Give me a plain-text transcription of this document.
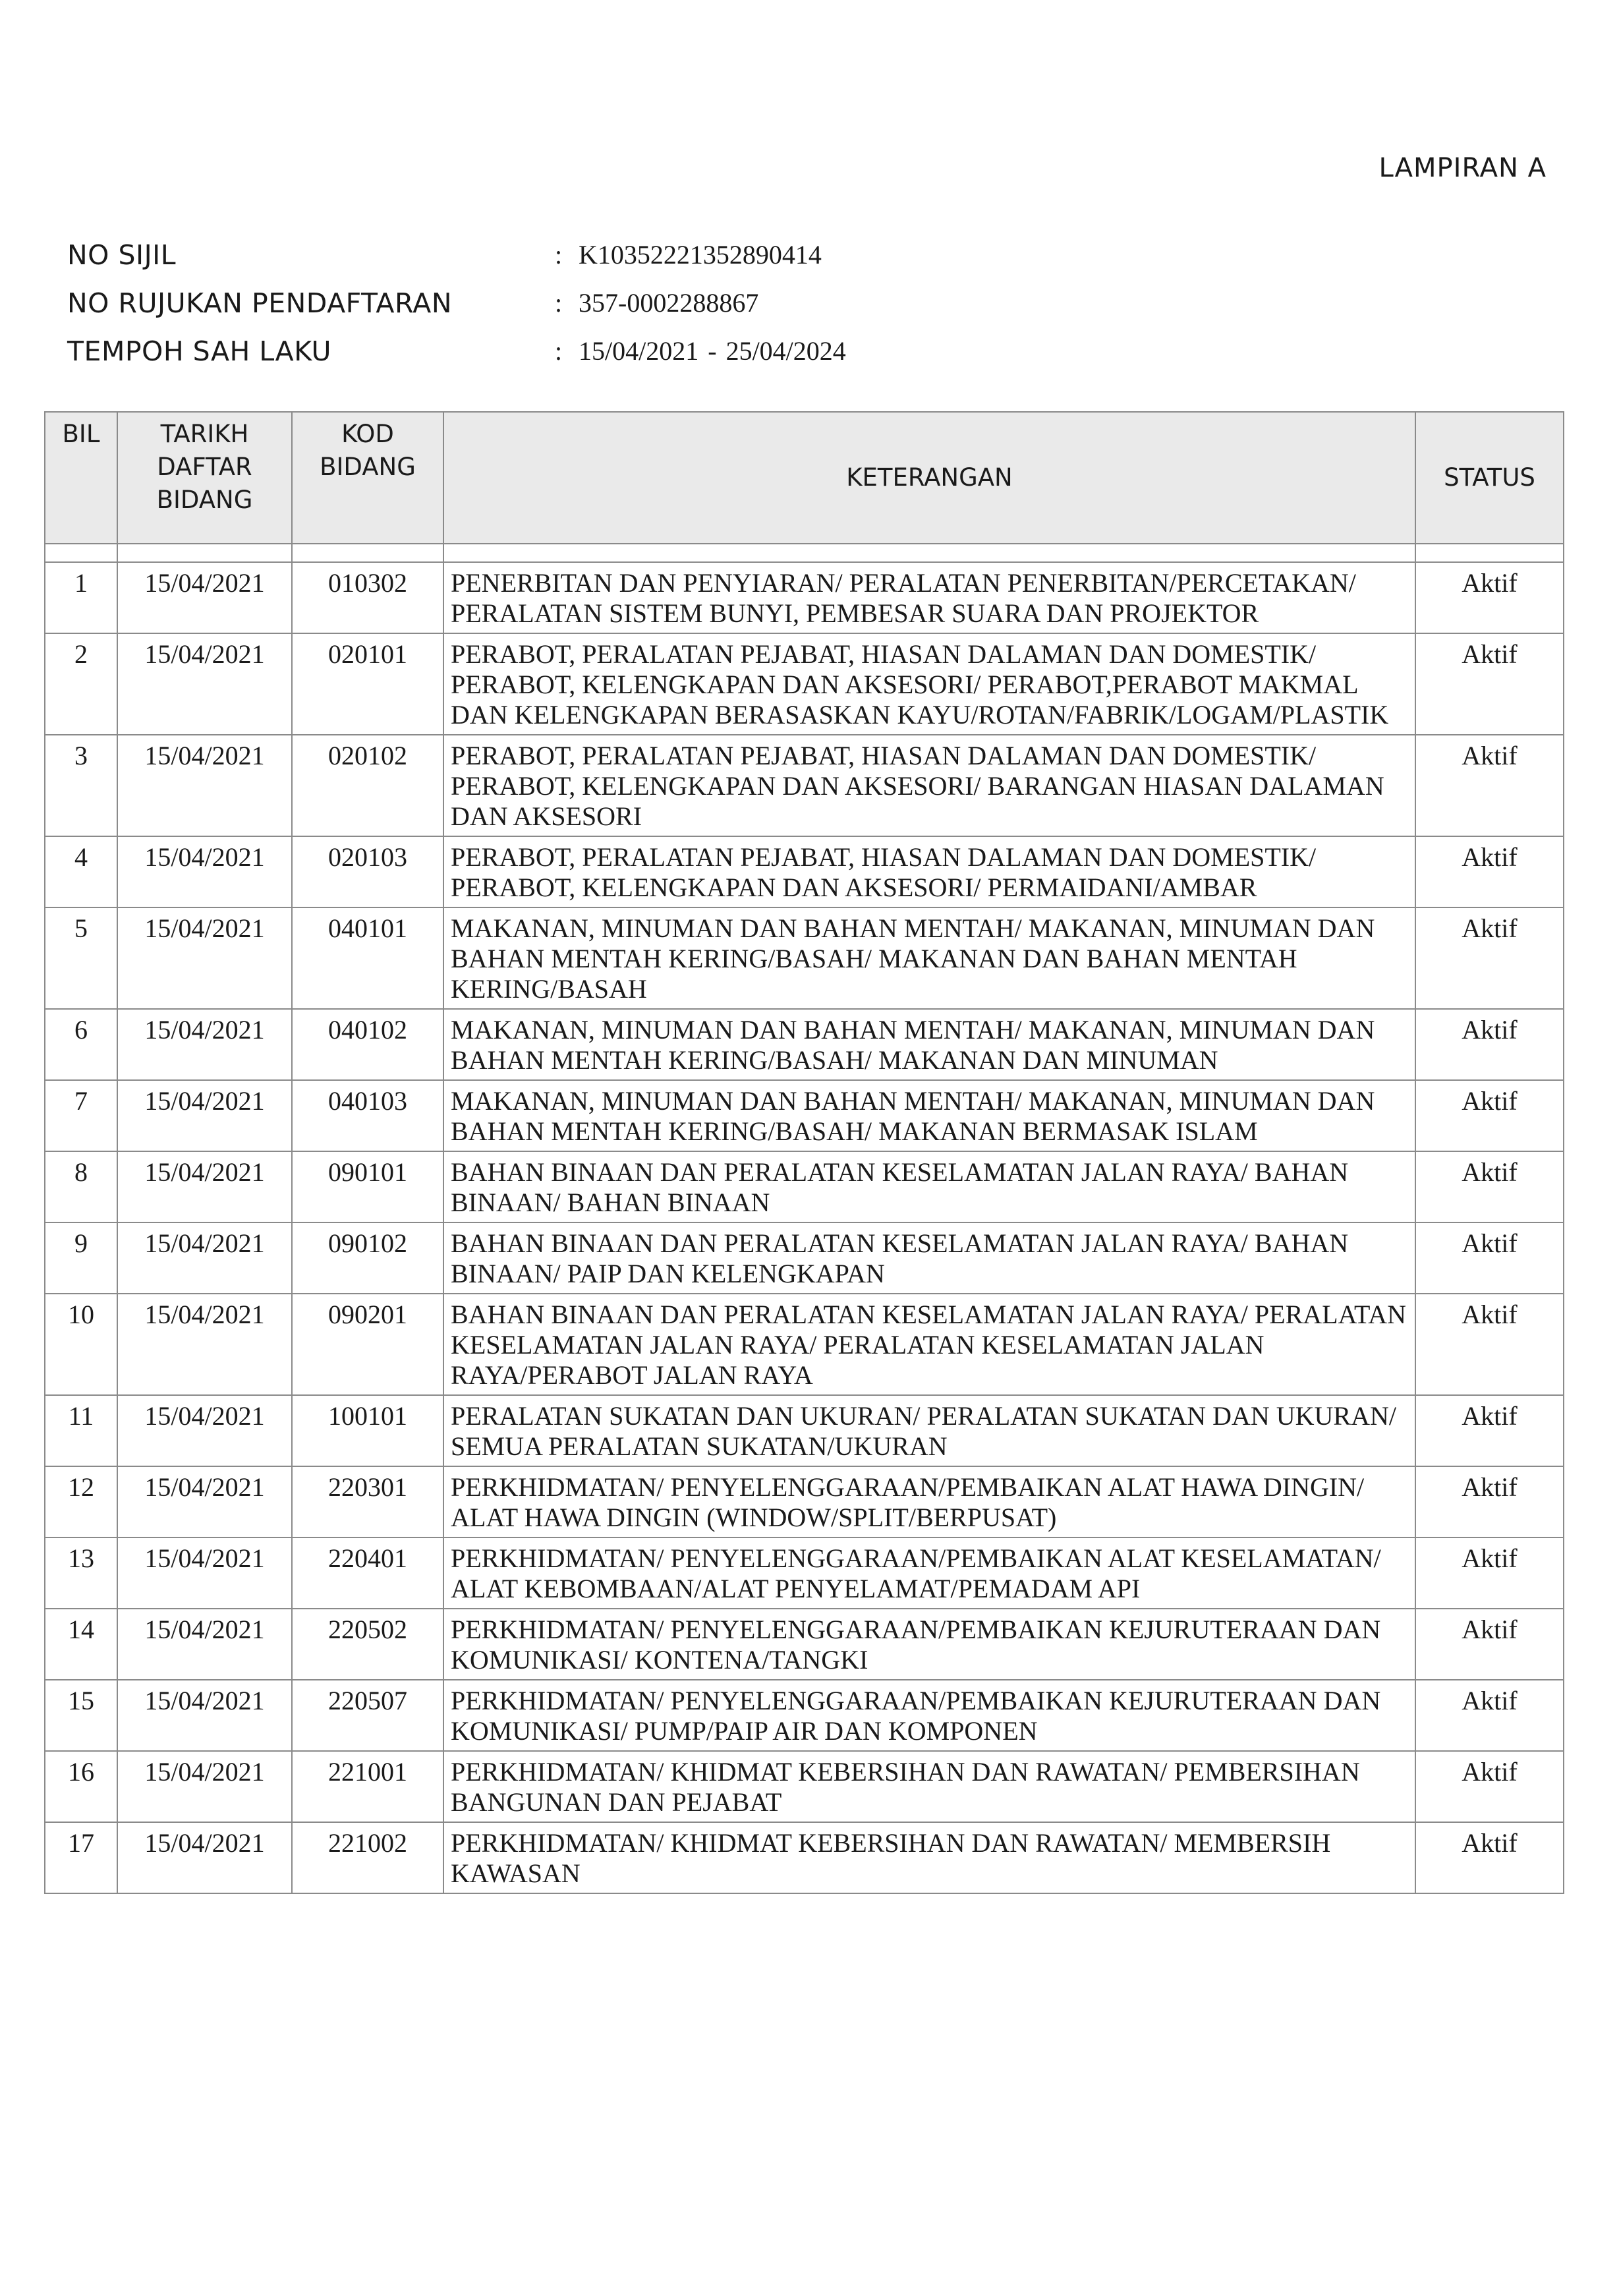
LAMPIRAN A
NO SIJIL	: K10352221352890414
NO RUJUKAN PENDAFTARAN	: 357-0002288867
TEMPOH SAH LAKU	: 15/04/2021 - 25/04/2024
BIL	TARIKH DAFTAR BIDANG	KOD BIDANG	KETERANGAN	STATUS

1	15/04/2021	010302	PENERBITAN DAN PENYIARAN/ PERALATAN PENERBITAN/PERCETAKAN/ PERALATAN SISTEM BUNYI, PEMBESAR SUARA DAN PROJEKTOR	Aktif
2	15/04/2021	020101	PERABOT, PERALATAN PEJABAT, HIASAN DALAMAN DAN DOMESTIK/ PERABOT, KELENGKAPAN DAN AKSESORI/ PERABOT,PERABOT MAKMAL DAN KELENGKAPAN BERASASKAN KAYU/ROTAN/FABRIK/LOGAM/PLASTIK	Aktif
3	15/04/2021	020102	PERABOT, PERALATAN PEJABAT, HIASAN DALAMAN DAN DOMESTIK/ PERABOT, KELENGKAPAN DAN AKSESORI/ BARANGAN HIASAN DALAMAN DAN AKSESORI	Aktif
4	15/04/2021	020103	PERABOT, PERALATAN PEJABAT, HIASAN DALAMAN DAN DOMESTIK/ PERABOT, KELENGKAPAN DAN AKSESORI/ PERMAIDANI/AMBAR	Aktif
5	15/04/2021	040101	MAKANAN, MINUMAN DAN BAHAN MENTAH/ MAKANAN, MINUMAN DAN BAHAN MENTAH KERING/BASAH/ MAKANAN DAN BAHAN MENTAH KERING/BASAH	Aktif
6	15/04/2021	040102	MAKANAN, MINUMAN DAN BAHAN MENTAH/ MAKANAN, MINUMAN DAN BAHAN MENTAH KERING/BASAH/ MAKANAN DAN MINUMAN	Aktif
7	15/04/2021	040103	MAKANAN, MINUMAN DAN BAHAN MENTAH/ MAKANAN, MINUMAN DAN BAHAN MENTAH KERING/BASAH/ MAKANAN BERMASAK ISLAM	Aktif
8	15/04/2021	090101	BAHAN BINAAN DAN PERALATAN KESELAMATAN JALAN RAYA/ BAHAN BINAAN/ BAHAN BINAAN	Aktif
9	15/04/2021	090102	BAHAN BINAAN DAN PERALATAN KESELAMATAN JALAN RAYA/ BAHAN BINAAN/ PAIP DAN KELENGKAPAN	Aktif
10	15/04/2021	090201	BAHAN BINAAN DAN PERALATAN KESELAMATAN JALAN RAYA/ PERALATAN KESELAMATAN JALAN RAYA/ PERALATAN KESELAMATAN JALAN RAYA/PERABOT JALAN RAYA	Aktif
11	15/04/2021	100101	PERALATAN SUKATAN DAN UKURAN/ PERALATAN SUKATAN DAN UKURAN/ SEMUA PERALATAN SUKATAN/UKURAN	Aktif
12	15/04/2021	220301	PERKHIDMATAN/ PENYELENGGARAAN/PEMBAIKAN ALAT HAWA DINGIN/ ALAT HAWA DINGIN (WINDOW/SPLIT/BERPUSAT)	Aktif
13	15/04/2021	220401	PERKHIDMATAN/ PENYELENGGARAAN/PEMBAIKAN ALAT KESELAMATAN/ ALAT KEBOMBAAN/ALAT PENYELAMAT/PEMADAM API	Aktif
14	15/04/2021	220502	PERKHIDMATAN/ PENYELENGGARAAN/PEMBAIKAN KEJURUTERAAN DAN KOMUNIKASI/ KONTENA/TANGKI	Aktif
15	15/04/2021	220507	PERKHIDMATAN/ PENYELENGGARAAN/PEMBAIKAN KEJURUTERAAN DAN KOMUNIKASI/ PUMP/PAIP AIR DAN KOMPONEN	Aktif
16	15/04/2021	221001	PERKHIDMATAN/ KHIDMAT KEBERSIHAN DAN RAWATAN/ PEMBERSIHAN BANGUNAN DAN PEJABAT	Aktif
17	15/04/2021	221002	PERKHIDMATAN/ KHIDMAT KEBERSIHAN DAN RAWATAN/ MEMBERSIH KAWASAN	Aktif
